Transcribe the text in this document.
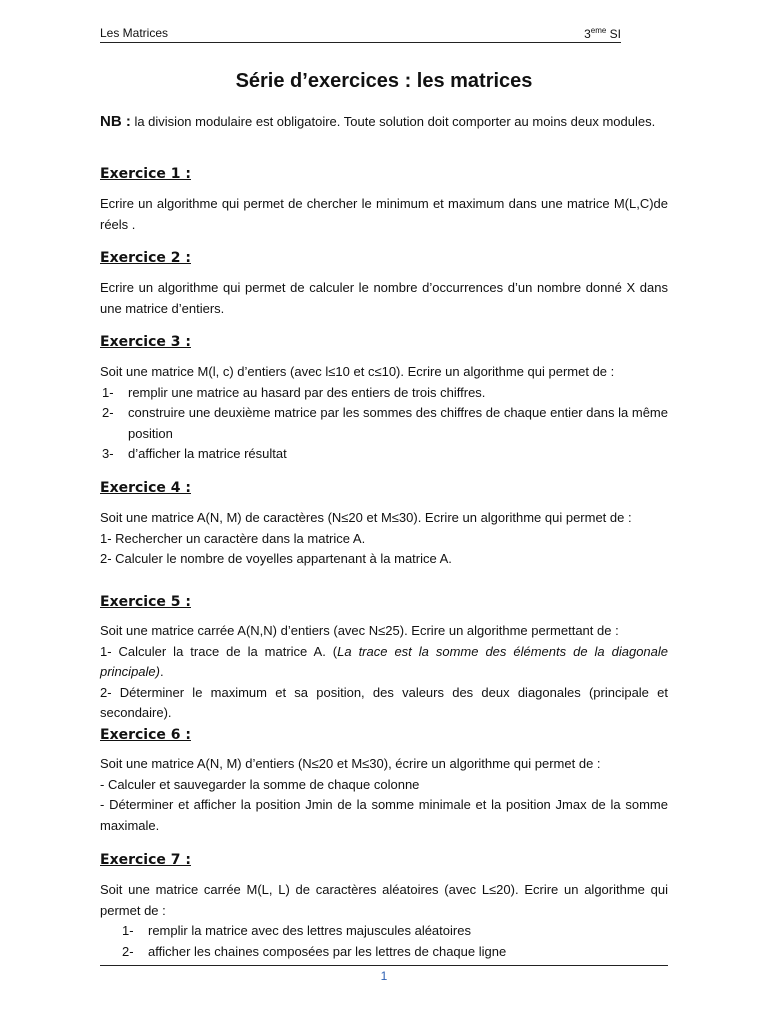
Les Matrices	3eme SI
Série d’exercices : les matrices
NB : la division modulaire est obligatoire. Toute solution doit comporter au moins deux modules.
Exercice 1 :
Ecrire un algorithme qui permet de chercher le minimum et maximum dans une matrice M(L,C)de réels .
Exercice 2 :
Ecrire un algorithme qui permet de calculer le nombre d’occurrences d’un nombre donné X dans une matrice d’entiers.
Exercice 3 :

Soit une matrice M(l, c) d’entiers (avec l≤10 et c≤10). Ecrire un algorithme qui permet de :

1-	remplir une matrice au hasard par des entiers de trois chiffres.
2-	construire une deuxième matrice par les sommes des chiffres de chaque entier dans la même position
3-	d’afficher la matrice résultat
Exercice 4 :

Soit une matrice A(N, M) de caractères (N≤20 et M≤30). Ecrire un algorithme qui permet de :

1- Rechercher un caractère dans la matrice A.

2- Calculer le nombre de voyelles appartenant à la matrice A.

Exercice 5 :

Soit une matrice carrée A(N,N) d’entiers (avec N≤25). Ecrire un algorithme permettant de :

1- Calculer la trace de la matrice A. (La trace est la somme des éléments de la diagonale principale).

2- Déterminer le maximum et sa position, des valeurs des deux diagonales (principale et secondaire).

Exercice 6 :

Soit une matrice A(N, M) d’entiers (N≤20 et M≤30), écrire un algorithme qui permet de :

- Calculer et sauvegarder la somme de chaque colonne

- Déterminer et afficher la position Jmin de la somme minimale et la position Jmax de la somme maximale.

Exercice 7 :

Soit une matrice carrée M(L, L) de caractères aléatoires (avec L≤20). Ecrire un algorithme qui permet de :

1-	remplir la matrice avec des lettres majuscules aléatoires
2-	afficher les chaines composées par les lettres de chaque ligne
1
